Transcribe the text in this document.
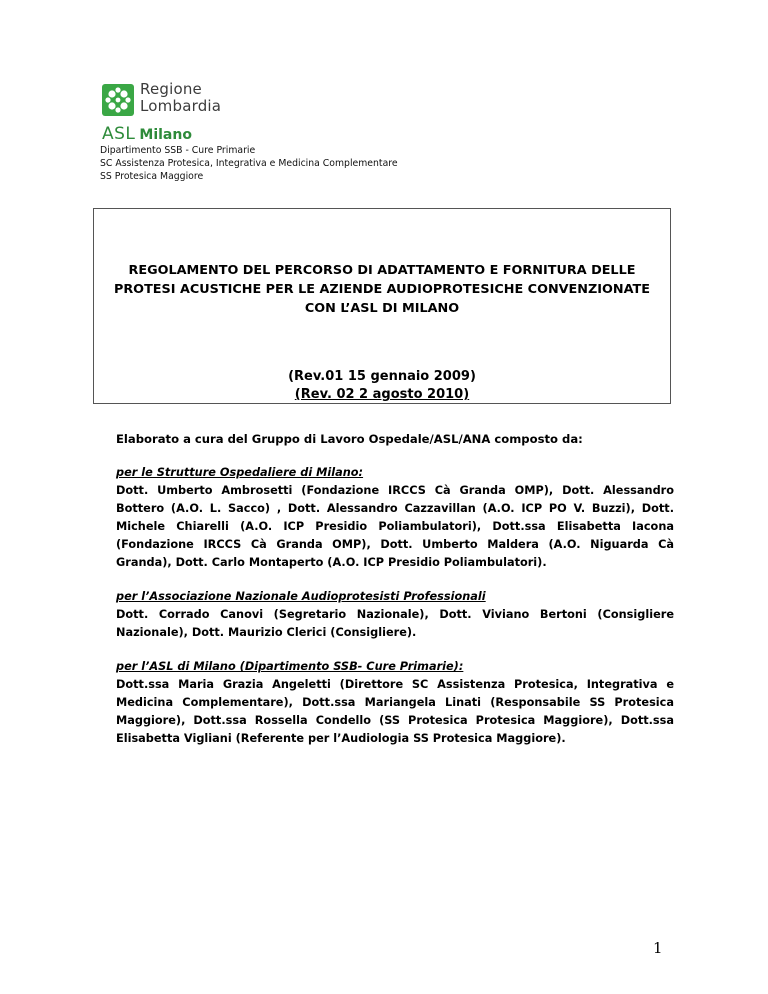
Regione
Lombardia
ASL Milano
Dipartimento SSB - Cure Primarie
SC Assistenza Protesica, Integrativa e Medicina Complementare
SS Protesica Maggiore
REGOLAMENTO DEL PERCORSO DI ADATTAMENTO E FORNITURA DELLE PROTESI ACUSTICHE PER LE AZIENDE AUDIOPROTESICHE CONVENZIONATE CON L’ASL DI MILANO
(Rev.01 15 gennaio 2009)
(Rev. 02 2 agosto 2010)

Elaborato a cura del Gruppo di Lavoro Ospedale/ASL/ANA composto da:

per le Strutture Ospedaliere di Milano:

Dott. Umberto Ambrosetti (Fondazione IRCCS Cà Granda OMP), Dott. Alessandro Bottero (A.O. L. Sacco) , Dott. Alessandro Cazzavillan (A.O. ICP PO V. Buzzi), Dott. Michele Chiarelli (A.O. ICP Presidio Poliambulatori), Dott.ssa Elisabetta Iacona (Fondazione IRCCS Cà Granda OMP), Dott. Umberto Maldera (A.O. Niguarda Cà Granda), Dott. Carlo Montaperto (A.O. ICP Presidio Poliambulatori).

per l’Associazione Nazionale Audioprotesisti Professionali

Dott. Corrado Canovi (Segretario Nazionale), Dott. Viviano Bertoni (Consigliere Nazionale), Dott. Maurizio Clerici (Consigliere).

per l’ASL di Milano (Dipartimento SSB- Cure Primarie):

Dott.ssa Maria Grazia Angeletti (Direttore SC Assistenza Protesica, Integrativa e Medicina Complementare), Dott.ssa Mariangela Linati (Responsabile SS Protesica Maggiore), Dott.ssa Rossella Condello (SS Protesica Protesica Maggiore), Dott.ssa Elisabetta Vigliani (Referente per l’Audiologia SS Protesica Maggiore).

1
